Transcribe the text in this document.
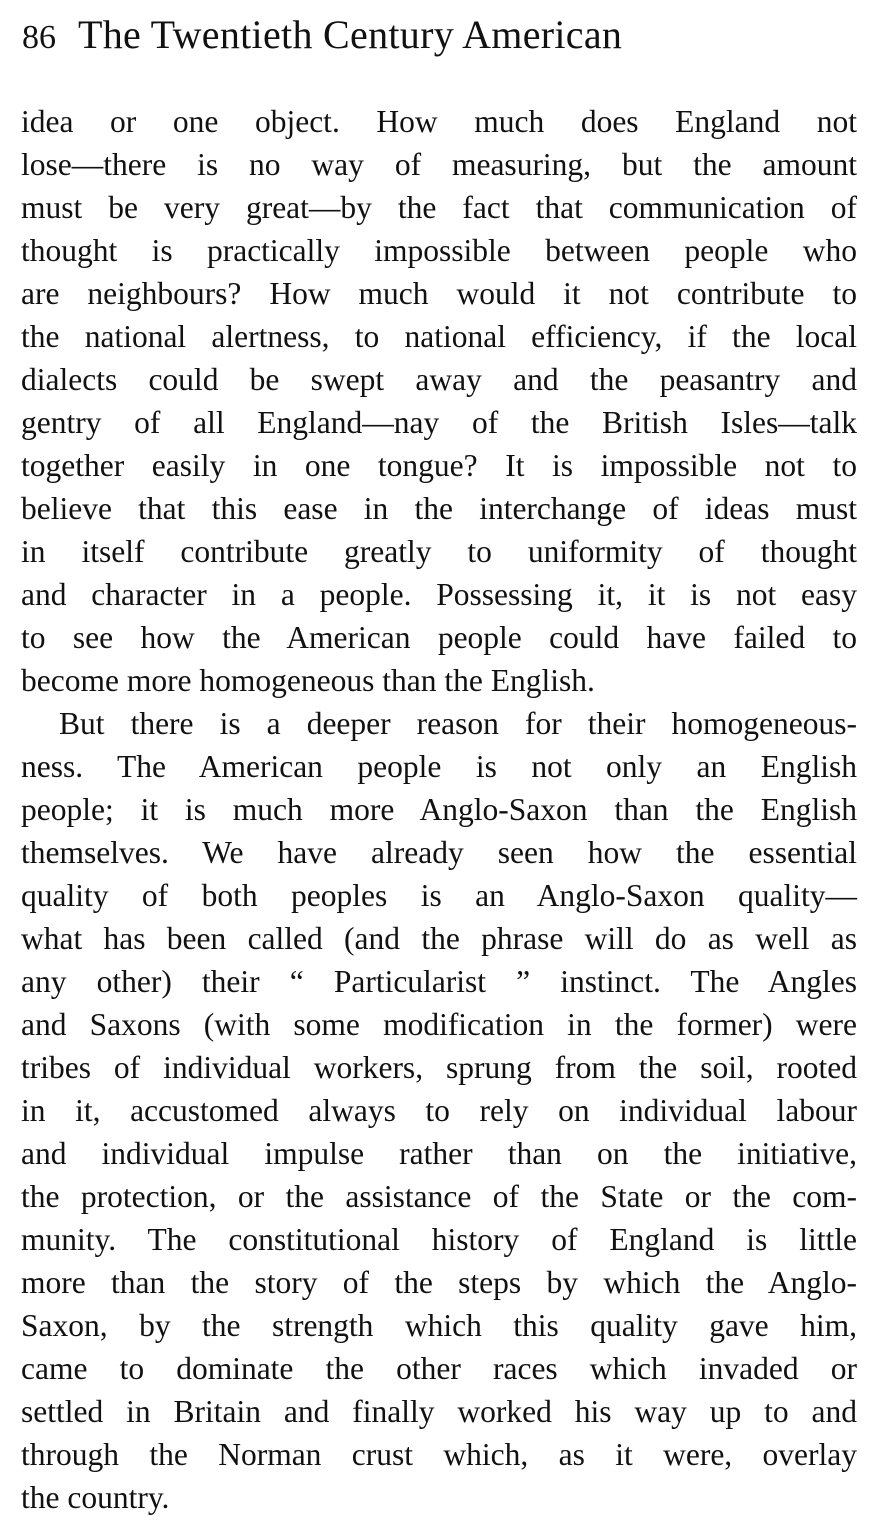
86 The Twentieth Century American
idea or one object. How much does England not
lose—there is no way of measuring, but the amount
must be very great—by the fact that communication of
thought is practically impossible between people who
are neighbours? How much would it not contribute to
the national alertness, to national efficiency, if the local
dialects could be swept away and the peasantry and
gentry of all England—nay of the British Isles—talk
together easily in one tongue? It is impossible not to
believe that this ease in the interchange of ideas must
in itself contribute greatly to uniformity of thought
and character in a people. Possessing it, it is not easy
to see how the American people could have failed to
become more homogeneous than the English.
But there is a deeper reason for their homogeneous-
ness. The American people is not only an English
people; it is much more Anglo-Saxon than the English
themselves. We have already seen how the essential
quality of both peoples is an Anglo-Saxon quality—
what has been called (and the phrase will do as well as
any other) their “ Particularist ” instinct. The Angles
and Saxons (with some modification in the former) were
tribes of individual workers, sprung from the soil, rooted
in it, accustomed always to rely on individual labour
and individual impulse rather than on the initiative,
the protection, or the assistance of the State or the com-
munity. The constitutional history of England is little
more than the story of the steps by which the Anglo-
Saxon, by the strength which this quality gave him,
came to dominate the other races which invaded or
settled in Britain and finally worked his way up to and
through the Norman crust which, as it were, overlay
the country.
